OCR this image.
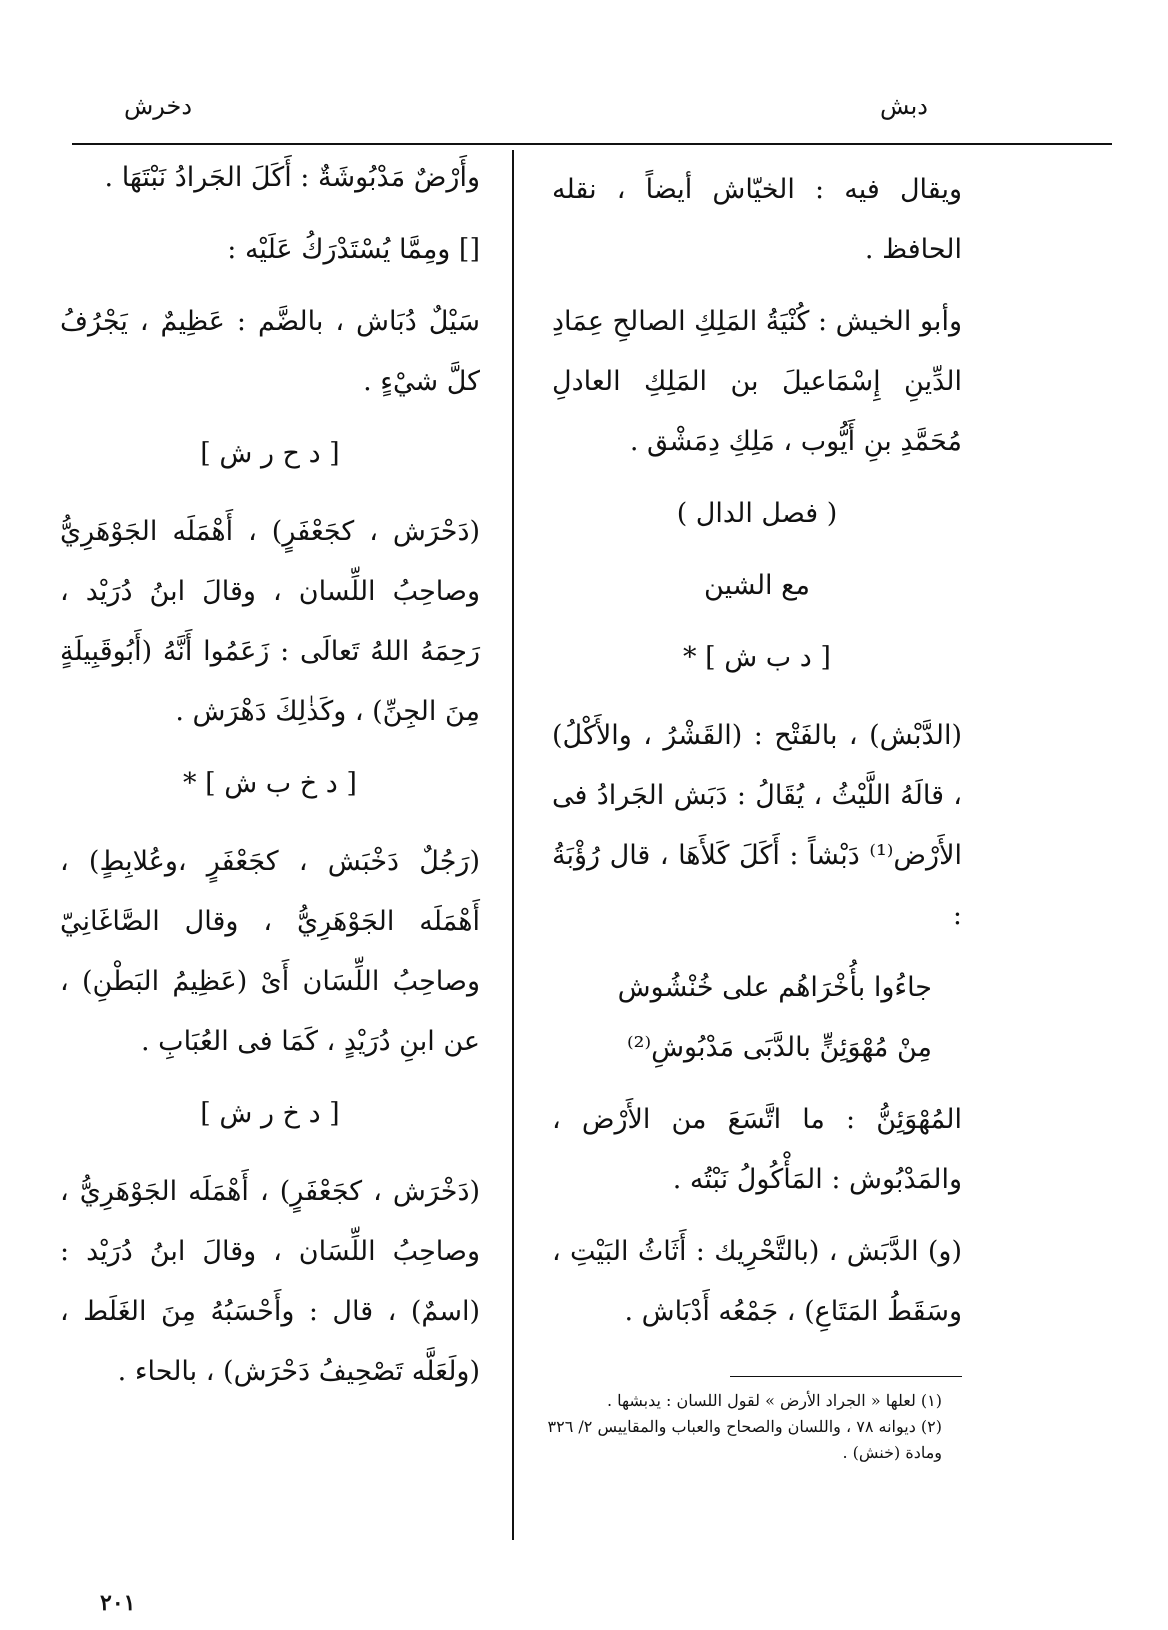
دبش
دخرش

ويقال فيه : الخيّاش أيضاً ، نقله الحافظ .

وأبو الخيش : كُنْيَةُ المَلِكِ الصالحِ عِمَادِ الدِّينِ إِسْمَاعيلَ بن المَلِكِ العادلِ مُحَمَّدِ بنِ أَيُّوب ، مَلِكِ دِمَشْق .

( فصل الدال )

مع الشين

[ د ب ش ] *

(الدَّبْش) ، بالفَتْح : (القَشْرُ ، والأَكْلُ) ، قالَهُ اللَّيْثُ ، يُقَالُ : دَبَش الجَرادُ فى الأَرْض⁽¹⁾ دَبْشاً : أَكَلَ كَلأَهَا ، قال رُؤْبَةُ :

جاءُوا بأُخْرَاهُم على خُنْشُوش

مِنْ مُهْوَئِنٍّ بالدَّبَى مَدْبُوشِ⁽²⁾

المُهْوَئِنُّ : ما اتَّسَعَ من الأَرْض ، والمَدْبُوش : المَأْكُولُ نَبْتُه .

(و) الدَّبَش ، (بالتَّحْرِيك : أَثَاثُ البَيْتِ ، وسَقَطُ المَتَاعِ) ، جَمْعُه أَدْبَاش .

وأَرْضٌ مَدْبُوشَةٌ : أَكَلَ الجَرادُ نَبْتَهَا .

[] ومِمَّا يُسْتَدْرَكُ عَلَيْه :

سَيْلٌ دُبَاش ، بالضَّم : عَظِيمٌ ، يَجْرُفُ كلَّ شيْءٍ .

[ د ح ر ش ]

(دَحْرَش ، كجَعْفَرٍ) ، أَهْمَلَه الجَوْهَرِيُّ وصاحِبُ اللِّسان ، وقالَ ابنُ دُرَيْد ، رَحِمَهُ اللهُ تَعالَى : زَعَمُوا أَنَّهُ (أَبُوقَبِيلَةٍ مِنَ الجِنِّ) ، وكَذٰلِكَ دَهْرَش .

[ د خ ب ش ] *

(رَجُلٌ دَخْبَش ، كجَعْفَرٍ ،وعُلابِطٍ) ، أَهْمَلَه الجَوْهَرِيُّ ، وقال الصَّاغَانِيّ وصاحِبُ اللِّسَان أَىْ (عَظِيمُ البَطْنِ) ، عن ابنِ دُرَيْدٍ ، كَمَا فى العُبَابِ .

[ د خ ر ش ]

(دَخْرَش ، كجَعْفَرٍ) ، أَهْمَلَه الجَوْهَرِيُّ ، وصاحِبُ اللِّسَان ، وقالَ ابنُ دُرَيْد : (اسمٌ) ، قال : وأَحْسَبُهُ مِنَ الغَلَط ، (ولَعَلَّه تَصْحِيفُ دَحْرَش) ، بالحاء .

(١) لعلها « الجراد الأرض » لقول اللسان : يدبشها .

(٢) ديوانه ٧٨ ، واللسان والصحاح والعباب والمقاييس ٢/ ٣٢٦ ومادة (خنش) .

٢٠١
